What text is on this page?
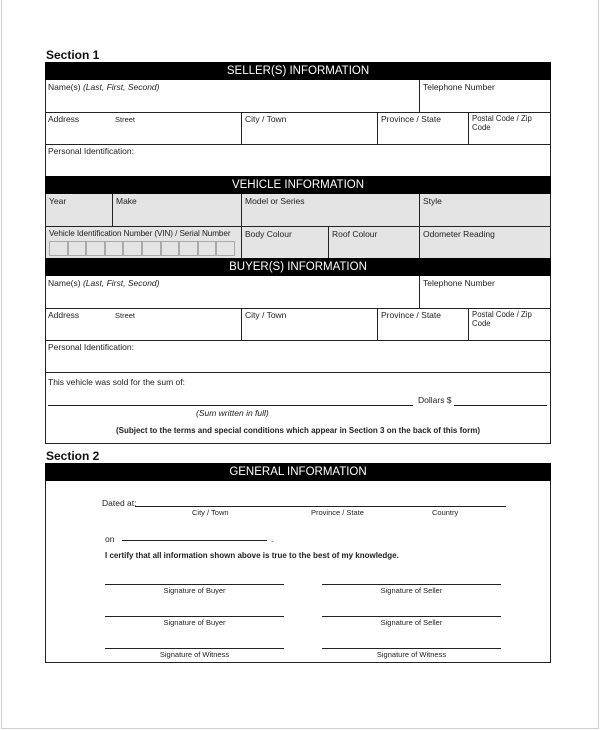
Section 1
SELLER(S) INFORMATION
Name(s) (Last, First, Second)	Telephone Number
Address	Street	City / Town	Province / State	Postal Code / Zip Code
Personal Identification:
VEHICLE INFORMATION
Year	Make	Model or Series	Style
Vehicle Identification Number (VIN) / Serial Number	Body Colour	Roof Colour	Odometer Reading
BUYER(S) INFORMATION
Name(s) (Last, First, Second)	Telephone Number
Address	Street	City / Town	Province / State	Postal Code / Zip Code
Personal Identification:
This vehicle was sold for the sum of:
Dollars $
(Sum written in full)
(Subject to the terms and special conditions which appear in Section 3 on the back of this form)
Section 2
GENERAL INFORMATION
Dated at:
City / Town	Province / State	Country
on	.
I certify that all information shown above is true to the best of my knowledge.
Signature of Buyer	Signature of Seller
Signature of Buyer	Signature of Seller
Signature of Witness	Signature of Witness
